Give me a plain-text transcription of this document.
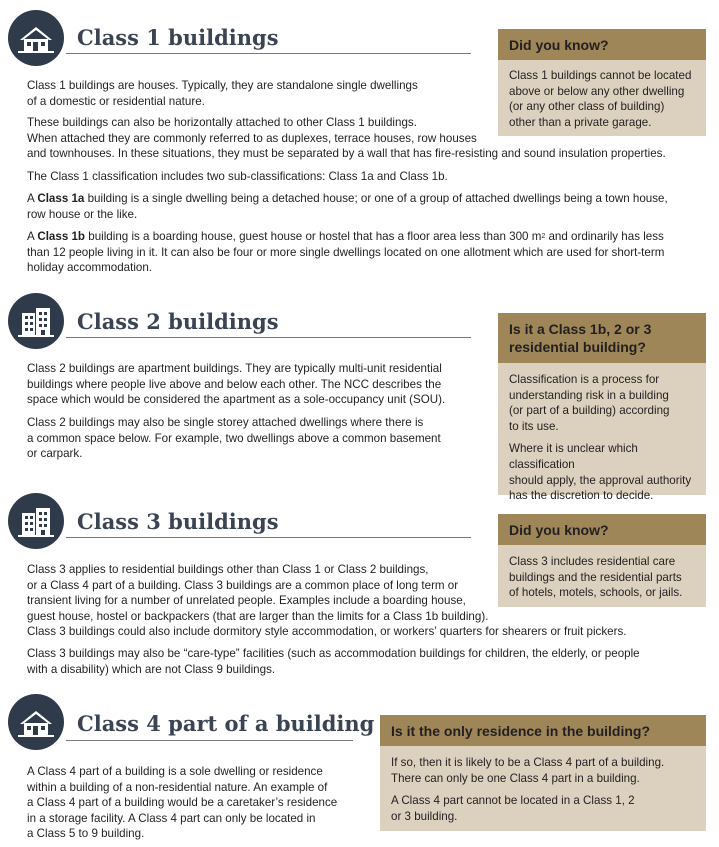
Class 1 buildings

Class 1 buildings are houses. Typically, they are standalone single dwellings
of a domestic or residential nature.

These buildings can also be horizontally attached to other Class 1 buildings.
When attached they are commonly referred to as duplexes, terrace houses, row houses
and townhouses. In these situations, they must be separated by a wall that has fire-resisting and sound insulation properties.

The Class 1 classification includes two sub-classifications: Class 1a and Class 1b.

A Class 1a building is a single dwelling being a detached house; or one of a group of attached dwellings being a town house,
row house or the like.

A Class 1b building is a boarding house, guest house or hostel that has a floor area less than 300 $m^2$ and ordinarily has less
than 12 people living in it. It can also be four or more single dwellings located on one allotment which are used for short-term
holiday accommodation.

Did you know?

Class 1 buildings cannot be located
above or below any other dwelling
(or any other class of building)
other than a private garage.

Class 2 buildings

Class 2 buildings are apartment buildings. They are typically multi-unit residential
buildings where people live above and below each other. The NCC describes the
space which would be considered the apartment as a sole-occupancy unit (SOU).

Class 2 buildings may also be single storey attached dwellings where there is
a common space below. For example, two dwellings above a common basement
or carpark.

Is it a Class 1b, 2 or 3
residential building?

Classification is a process for
understanding risk in a building
(or part of a building) according
to its use.

Where it is unclear which classification
should apply, the approval authority
has the discretion to decide.

Class 3 buildings

Class 3 applies to residential buildings other than Class 1 or Class 2 buildings,
or a Class 4 part of a building. Class 3 buildings are a common place of long term or
transient living for a number of unrelated people. Examples include a boarding house,
guest house, hostel or backpackers (that are larger than the limits for a Class 1b building).
Class 3 buildings could also include dormitory style accommodation, or workers’ quarters for shearers or fruit pickers.

Class 3 buildings may also be “care-type” facilities (such as accommodation buildings for children, the elderly, or people
with a disability) which are not Class 9 buildings.

Did you know?

Class 3 includes residential care
buildings and the residential parts
of hotels, motels, schools, or jails.

Class 4 part of a building

A Class 4 part of a building is a sole dwelling or residence
within a building of a non-residential nature. An example of
a Class 4 part of a building would be a caretaker’s residence
in a storage facility. A Class 4 part can only be located in
a Class 5 to 9 building.

Is it the only residence in the building?

If so, then it is likely to be a Class 4 part of a building.
There can only be one Class 4 part in a building.

A Class 4 part cannot be located in a Class 1, 2
or 3 building.
